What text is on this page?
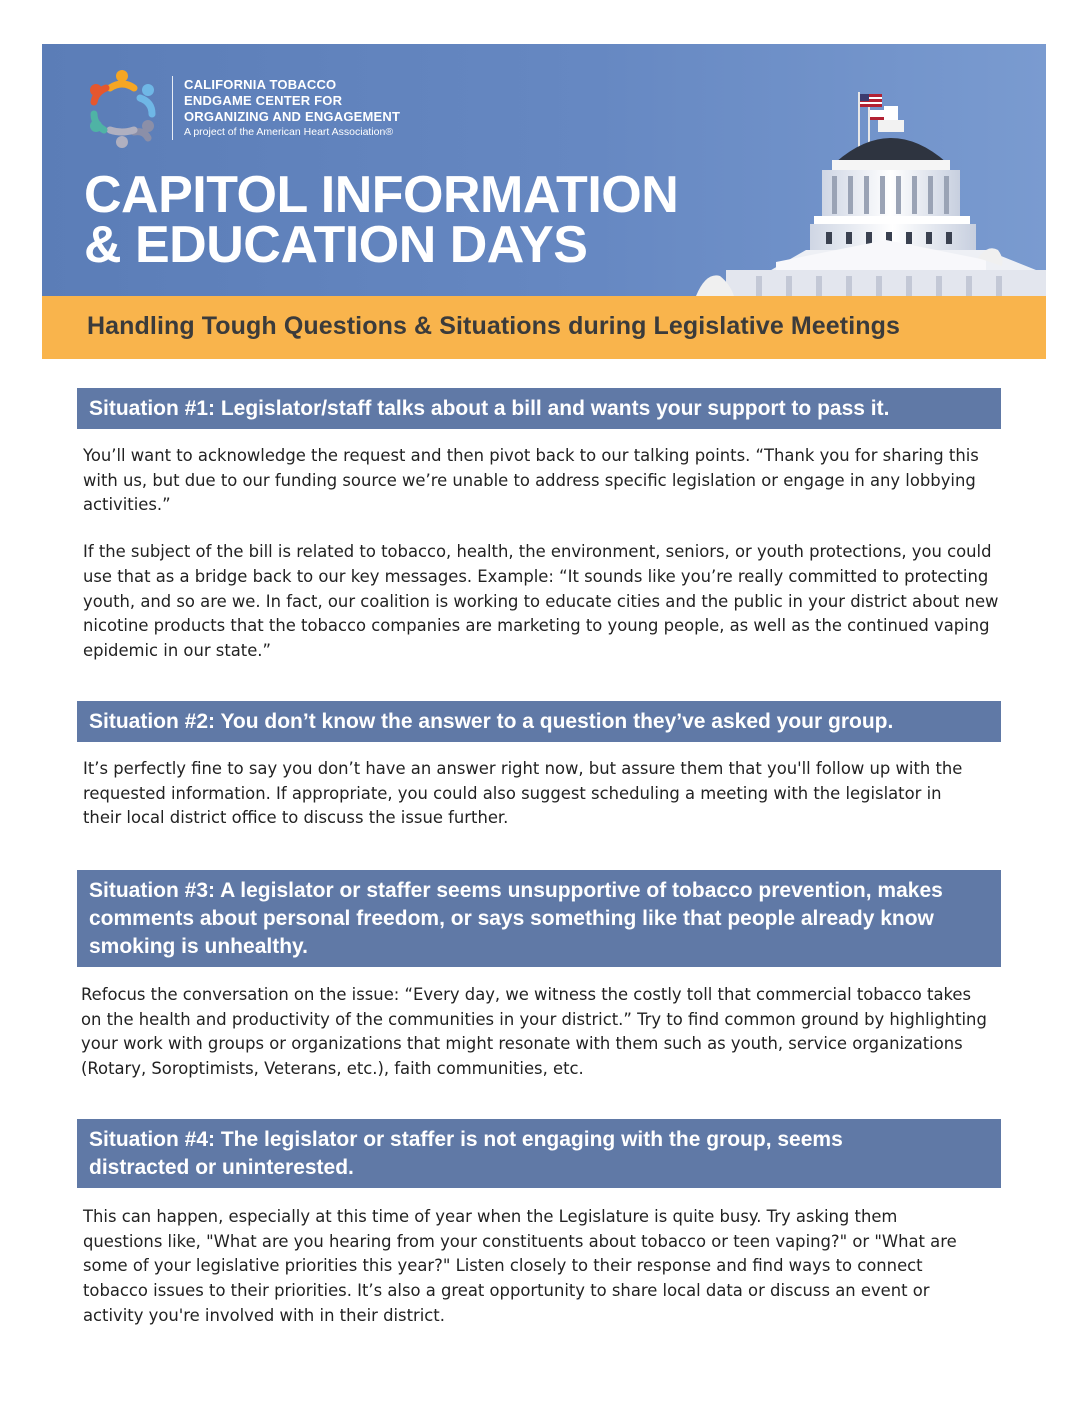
CALIFORNIA TOBACCO
ENDGAME CENTER FOR
ORGANIZING AND ENGAGEMENT
A project of the American Heart Association®
CAPITOL INFORMATION
& EDUCATION DAYS
Handling Tough Questions & Situations during Legislative Meetings
Situation #1: Legislator/staff talks about a bill and wants your support to pass it.

You’ll want to acknowledge the request and then pivot back to our talking points. “Thank you for sharing this with us, but due to our funding source we’re unable to address specific legislation or engage in any lobbying activities.”

If the subject of the bill is related to tobacco, health, the environment, seniors, or youth protections, you could use that as a bridge back to our key messages. Example: “It sounds like you’re really committed to protecting youth, and so are we. In fact, our coalition is working to educate cities and the public in your district about new nicotine products that the tobacco companies are marketing to young people, as well as the continued vaping epidemic in our state.”

Situation #2: You don’t know the answer to a question they’ve asked your group.

It’s perfectly fine to say you don’t have an answer right now, but assure them that you'll follow up with the requested information. If appropriate, you could also suggest scheduling a meeting with the legislator in their local district office to discuss the issue further.

Situation #3: A legislator or staffer seems unsupportive of tobacco prevention, makes comments about personal freedom, or says something like that people already know smoking is unhealthy.

Refocus the conversation on the issue: “Every day, we witness the costly toll that commercial tobacco takes on the health and productivity of the communities in your district.” Try to find common ground by highlighting your work with groups or organizations that might resonate with them such as youth, service organizations (Rotary, Soroptimists, Veterans, etc.), faith communities, etc.

Situation #4: The legislator or staffer is not engaging with the group, seems distracted or uninterested.

This can happen, especially at this time of year when the Legislature is quite busy. Try asking them questions like, "What are you hearing from your constituents about tobacco or teen vaping?" or "What are some of your legislative priorities this year?" Listen closely to their response and find ways to connect tobacco issues to their priorities. It’s also a great opportunity to share local data or discuss an event or activity you're involved with in their district.
